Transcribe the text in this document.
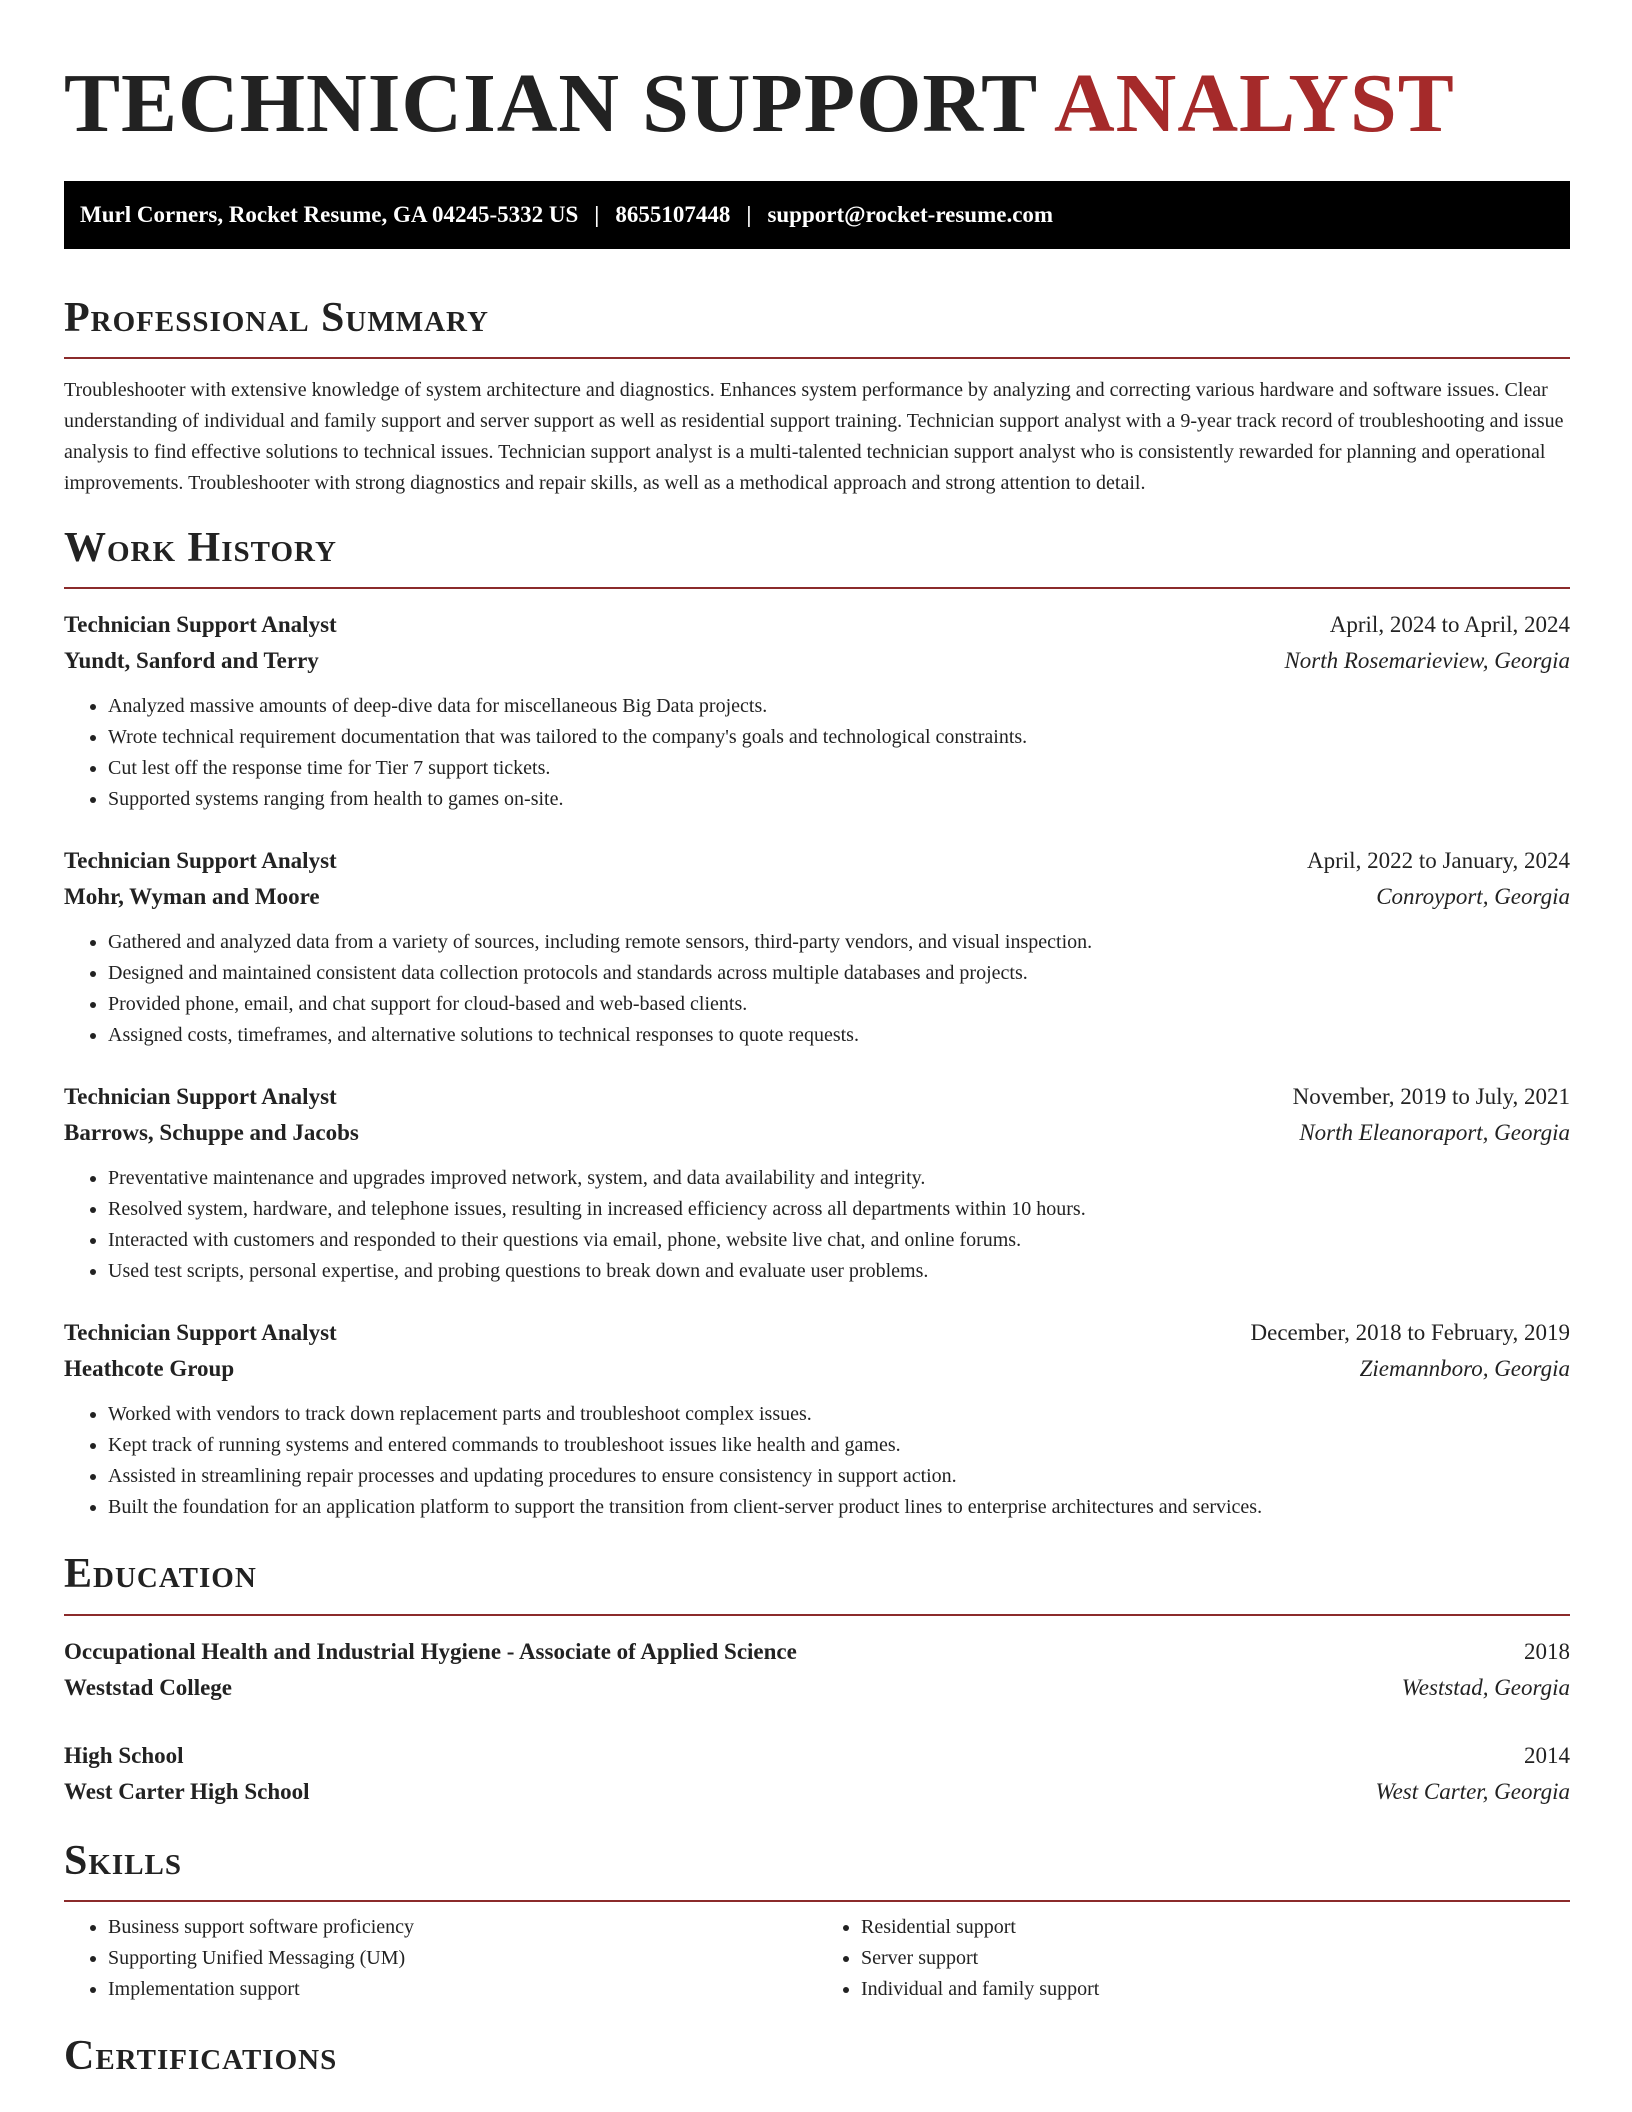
TECHNICIAN SUPPORT ANALYST
Murl Corners, Rocket Resume, GA 04245-5332 US | 8655107448 | support@rocket-resume.com
Professional Summary

Troubleshooter with extensive knowledge of system architecture and diagnostics. Enhances system performance by analyzing and correcting various hardware and software issues. Clear understanding of individual and family support and server support as well as residential support training. Technician support analyst with a 9-year track record of troubleshooting and issue analysis to find effective solutions to technical issues. Technician support analyst is a multi-talented technician support analyst who is consistently rewarded for planning and operational improvements. Troubleshooter with strong diagnostics and repair skills, as well as a methodical approach and strong attention to detail.

Work History
Technician Support Analyst	April, 2024 to April, 2024
Yundt, Sanford and Terry	North Rosemarieview, Georgia
• Analyzed massive amounts of deep-dive data for miscellaneous Big Data projects.
• Wrote technical requirement documentation that was tailored to the company's goals and technological constraints.
• Cut lest off the response time for Tier 7 support tickets.
• Supported systems ranging from health to games on-site.
Technician Support Analyst	April, 2022 to January, 2024
Mohr, Wyman and Moore	Conroyport, Georgia
• Gathered and analyzed data from a variety of sources, including remote sensors, third-party vendors, and visual inspection.
• Designed and maintained consistent data collection protocols and standards across multiple databases and projects.
• Provided phone, email, and chat support for cloud-based and web-based clients.
• Assigned costs, timeframes, and alternative solutions to technical responses to quote requests.
Technician Support Analyst	November, 2019 to July, 2021
Barrows, Schuppe and Jacobs	North Eleanoraport, Georgia
• Preventative maintenance and upgrades improved network, system, and data availability and integrity.
• Resolved system, hardware, and telephone issues, resulting in increased efficiency across all departments within 10 hours.
• Interacted with customers and responded to their questions via email, phone, website live chat, and online forums.
• Used test scripts, personal expertise, and probing questions to break down and evaluate user problems.
Technician Support Analyst	December, 2018 to February, 2019
Heathcote Group	Ziemannboro, Georgia
• Worked with vendors to track down replacement parts and troubleshoot complex issues.
• Kept track of running systems and entered commands to troubleshoot issues like health and games.
• Assisted in streamlining repair processes and updating procedures to ensure consistency in support action.
• Built the foundation for an application platform to support the transition from client-server product lines to enterprise architectures and services.
Education
Occupational Health and Industrial Hygiene - Associate of Applied Science	2018
Weststad College	Weststad, Georgia
High School	2014
West Carter High School	West Carter, Georgia
Skills
• Business support software proficiency
• Supporting Unified Messaging (UM)
• Implementation support
• Residential support
• Server support
• Individual and family support
Certifications
